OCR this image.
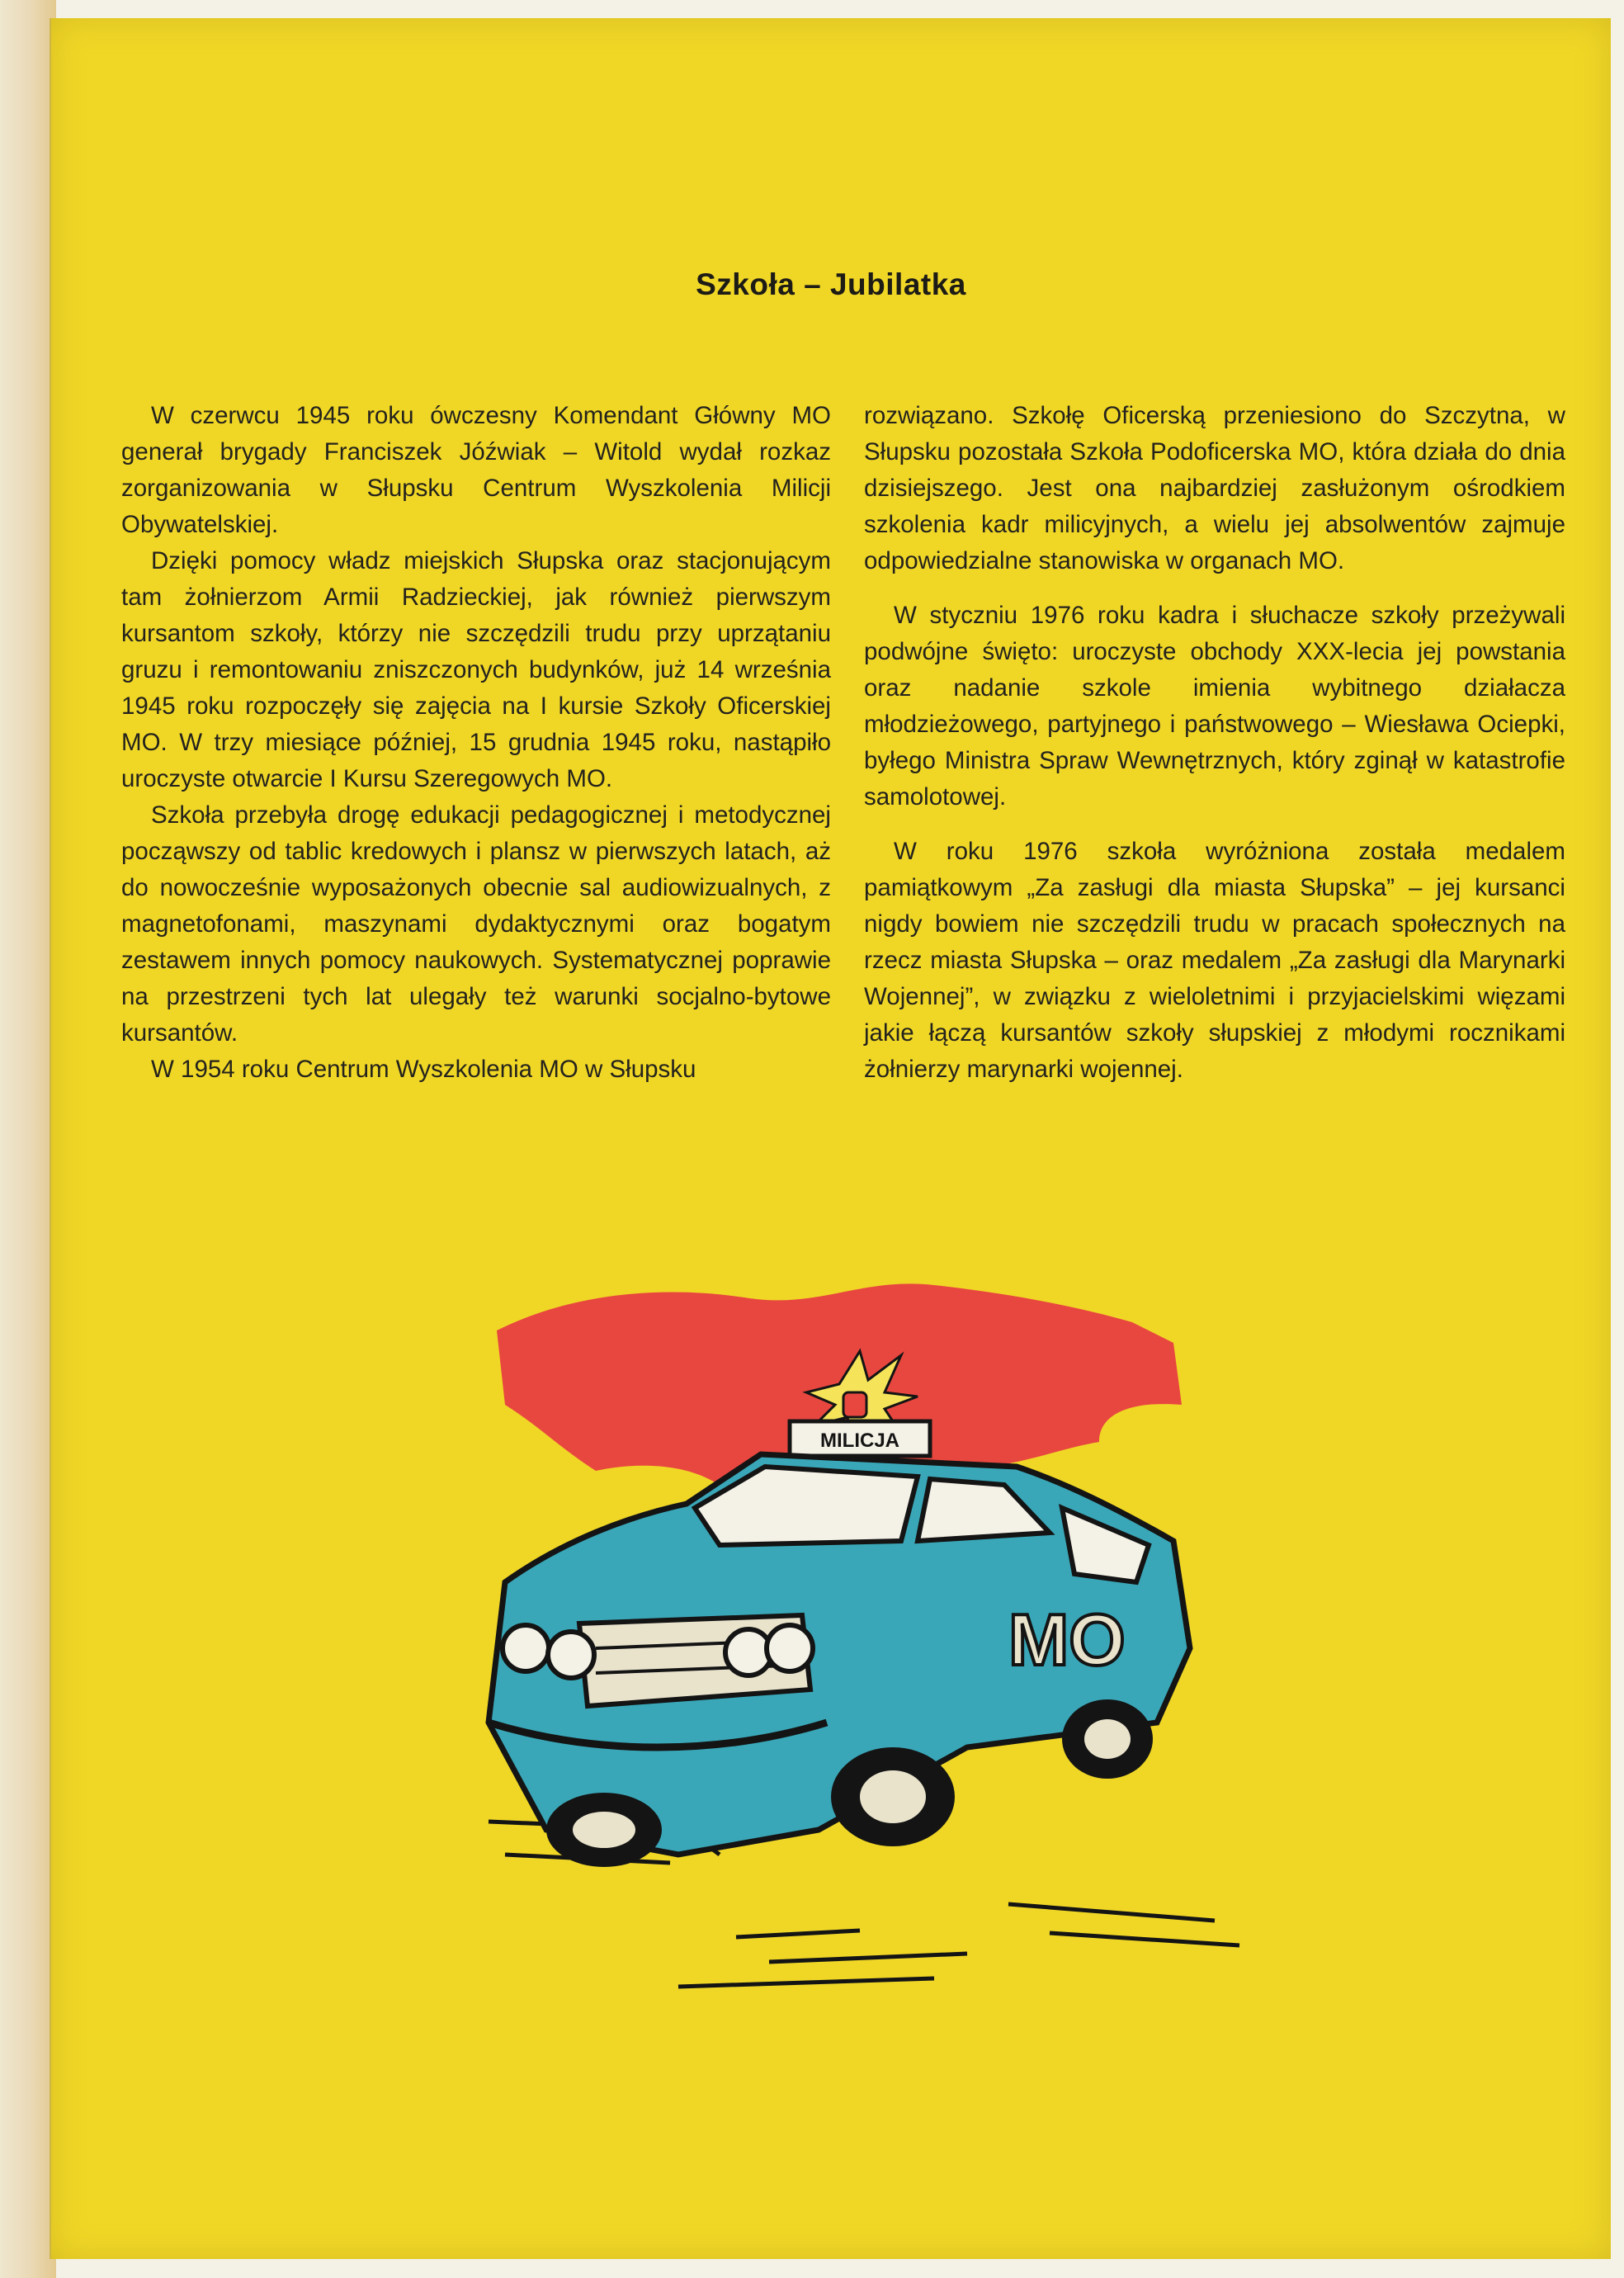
Szkoła – Jubilatka

W czerwcu 1945 roku ówczesny Komendant Główny MO generał brygady Franciszek Jóźwiak – Witold wydał rozkaz zorganizowania w Słupsku Centrum Wyszkolenia Milicji Obywatelskiej.

Dzięki pomocy władz miejskich Słupska oraz stacjonującym tam żołnierzom Armii Radzieckiej, jak również pierwszym kursantom szkoły, którzy nie szczędzili trudu przy uprzątaniu gruzu i remontowaniu zniszczonych budynków, już 14 września 1945 roku rozpoczęły się zajęcia na I kursie Szkoły Oficerskiej MO. W trzy miesiące później, 15 grudnia 1945 roku, nastąpiło uroczyste otwarcie I Kursu Szeregowych MO.

Szkoła przebyła drogę edukacji pedagogicznej i metodycznej począwszy od tablic kredowych i plansz w pierwszych latach, aż do nowocześnie wyposażonych obecnie sal audiowizualnych, z magnetofonami, maszynami dydaktycznymi oraz bogatym zestawem innych pomocy naukowych. Systematycznej poprawie na przestrzeni tych lat ulegały też warunki socjalno-bytowe kursantów.

W 1954 roku Centrum Wyszkolenia MO w Słupsku

rozwiązano. Szkołę Oficerską przeniesiono do Szczytna, w Słupsku pozostała Szkoła Podoficerska MO, która działa do dnia dzisiejszego. Jest ona najbardziej zasłużonym ośrodkiem szkolenia kadr milicyjnych, a wielu jej absolwentów zajmuje odpowiedzialne stanowiska w organach MO.

W styczniu 1976 roku kadra i słuchacze szkoły przeżywali podwójne święto: uroczyste obchody XXX-lecia jej powstania oraz nadanie szkole imienia wybitnego działacza młodzieżowego, partyjnego i państwowego – Wiesława Ociepki, byłego Ministra Spraw Wewnętrznych, który zginął w katastrofie samolotowej.

W roku 1976 szkoła wyróżniona została medalem pamiątkowym „Za zasługi dla miasta Słupska” – jej kursanci nigdy bowiem nie szczędzili trudu w pracach społecznych na rzecz miasta Słupska – oraz medalem „Za zasługi dla Marynarki Wojennej”, w związku z wieloletnimi i przyjacielskimi więzami jakie łączą kursantów szkoły słupskiej z młodymi rocznikami żołnierzy marynarki wojennej.

MILICJA
MO
